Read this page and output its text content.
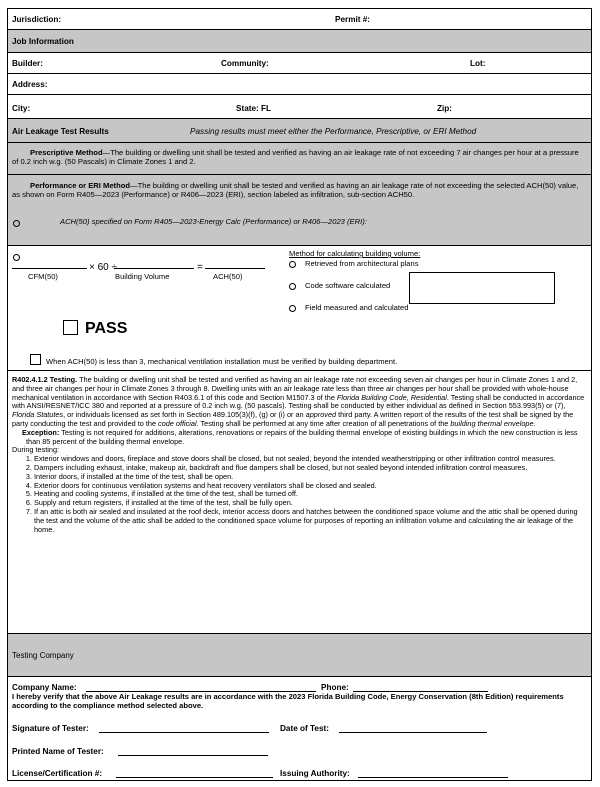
Jurisdiction:	Permit #:
Job Information
Builder:	Community:	Lot:
Address:
City:	State: FL	Zip:
Air Leakage Test Results	Passing results must meet either the Performance, Prescriptive, or ERI Method
Prescriptive Method—The building or dwelling unit shall be tested and verified as having an air leakage rate of not exceeding 7 air changes per hour at a pressure of 0.2 inch w.g. (50 Pascals) in Climate Zones 1 and 2.
Performance or ERI Method—The building or dwelling unit shall be tested and verified as having an air leakage rate of not exceeding the selected ACH(50) value, as shown on Form R405—2023 (Performance) or R406—2023 (ERI), section labeled as infiltration, sub-section ACH50.
ACH(50) specified on Form R405—2023-Energy Calc (Performance) or R406—2023 (ERI):
× 60 ÷	=
CFM(50)	Building Volume	ACH(50)
Method for calculating building volume:
Retrieved from architectural plans
Code software calculated
Field measured and calculated
PASS
When ACH(50) is less than 3, mechanical ventilation installation must be verified by building department.
R402.4.1.2 Testing. The building or dwelling unit shall be tested and verified as having an air leakage rate not exceeding seven air changes per hour in Climate Zones 1 and 2, and three air changes per hour in Climate Zones 3 through 8. Dwelling units with an air leakage rate less than three air changes per hour shall be provided with whole-house mechanical ventilation in accordance with Section R403.6.1 of this code and Section M1507.3 of the Florida Building Code, Residential. Testing shall be conducted in accordance with ANSI/RESNET/ICC 380 and reported at a pressure of 0.2 inch w.g. (50 pascals). Testing shall be conducted by either individual as defined in Section 553.993(5) or (7), Florida Statutes, or individuals licensed as set forth in Section 489.105(3)(f), (g) or (i) or an approved third party. A written report of the results of the test shall be signed by the party conducting the test and provided to the code official. Testing shall be performed at any time after creation of all penetrations of the building thermal envelope.
Exception: Testing is not required for additions, alterations, renovations or repairs of the building thermal envelope of existing buildings in which the new construction is less than 85 percent of the building thermal envelope.
During testing:
1. Exterior windows and doors, fireplace and stove doors shall be closed, but not sealed, beyond the intended weatherstripping or other infiltration control measures.
2. Dampers including exhaust, intake, makeup air, backdraft and flue dampers shall be closed, but not sealed beyond intended infiltration control measures.
3. Interior doors, if installed at the time of the test, shall be open.
4. Exterior doors for continuous ventilation systems and heat recovery ventilators shall be closed and sealed.
5. Heating and cooling systems, if installed at the time of the test, shall be turned off.
6. Supply and return registers, if installed at the time of the test, shall be fully open.
7. If an attic is both air sealed and insulated at the roof deck, interior access doors and hatches between the conditioned space volume and the attic shall be opened during the test and the volume of the attic shall be added to the conditioned space volume for purposes of reporting an infiltration volume and calculating the air leakage of the home.
Testing Company
Company Name:	Phone:
I hereby verify that the above Air Leakage results are in accordance with the 2023 Florida Building Code, Energy Conservation (8th Edition) requirements according to the compliance method selected above.
Signature of Tester:	Date of Test:
Printed Name of Tester:
License/Certification #:	Issuing Authority:
